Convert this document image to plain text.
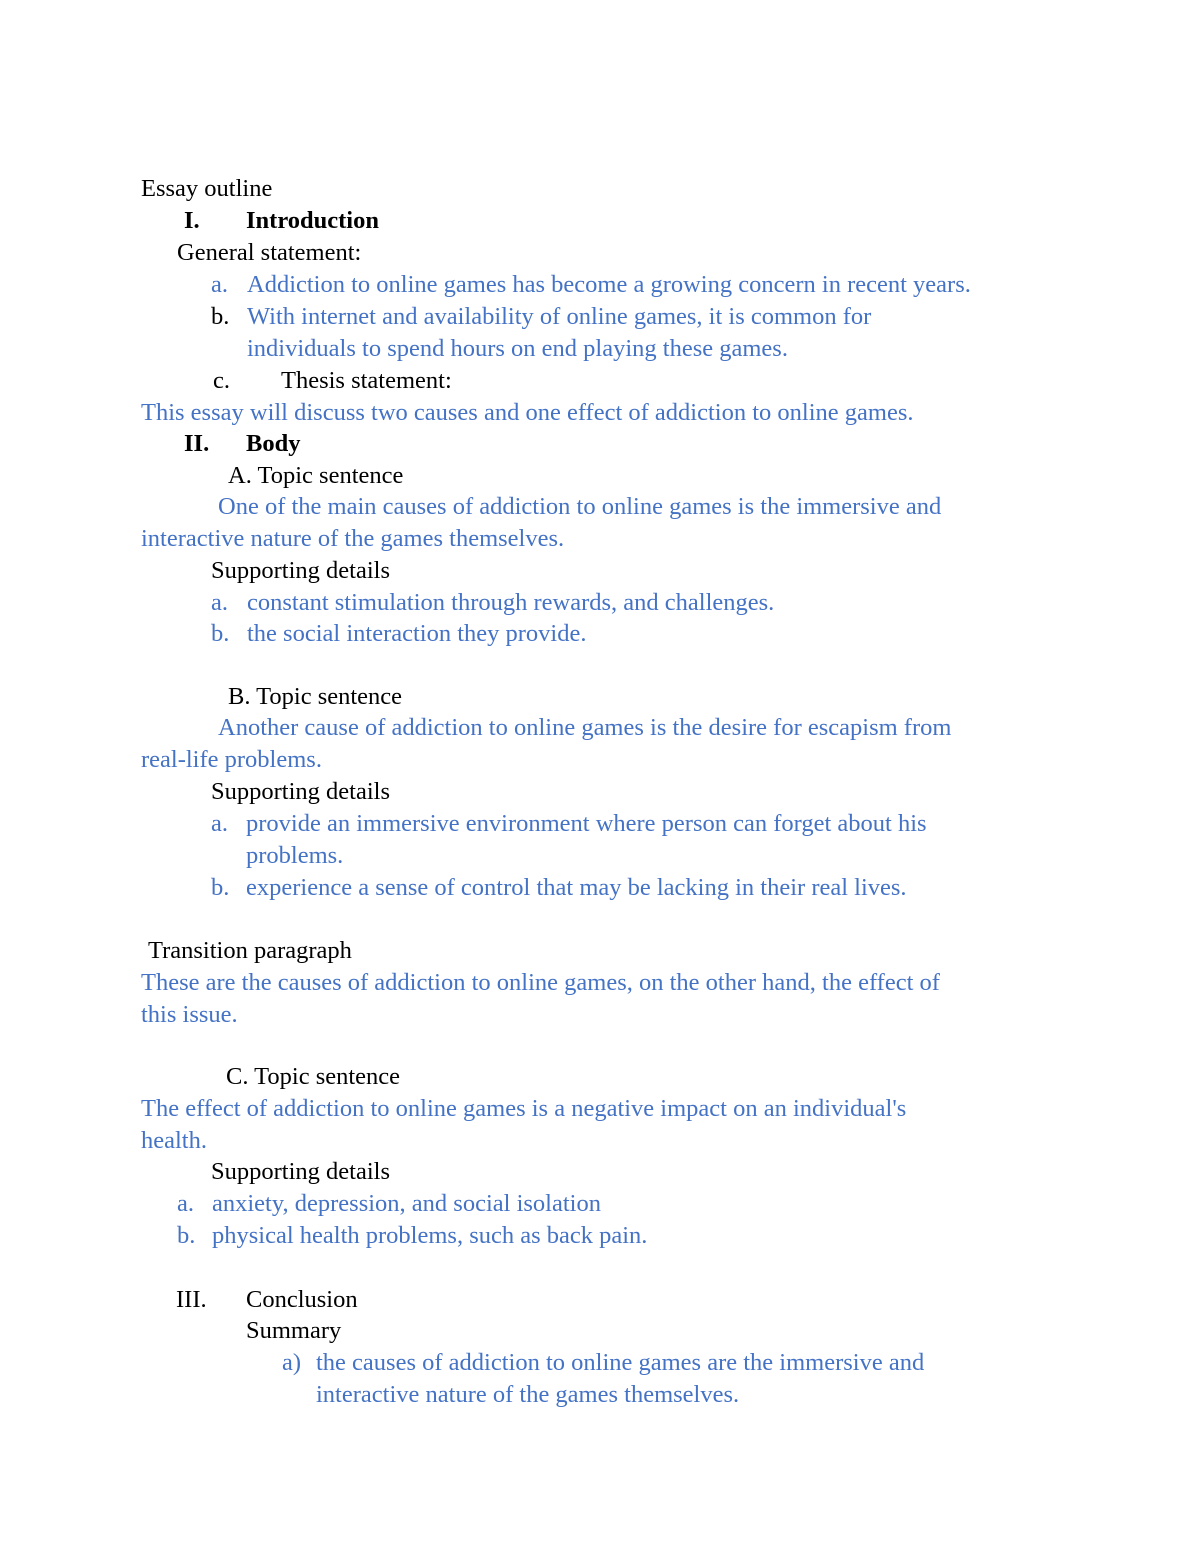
Essay outline
I. Introduction
General statement:
a. Addiction to online games has become a growing concern in recent years.
b. With internet and availability of online games, it is common for
individuals to spend hours on end playing these games.
c. Thesis statement:
This essay will discuss two causes and one effect of addiction to online games.
II. Body
A. Topic sentence
One of the main causes of addiction to online games is the immersive and
interactive nature of the games themselves.
Supporting details
a. constant stimulation through rewards, and challenges.
b. the social interaction they provide.
B. Topic sentence
Another cause of addiction to online games is the desire for escapism from
real-life problems.
Supporting details
a. provide an immersive environment where person can forget about his
problems.
b. experience a sense of control that may be lacking in their real lives.
Transition paragraph
These are the causes of addiction to online games, on the other hand, the effect of
this issue.
C. Topic sentence
The effect of addiction to online games is a negative impact on an individual's
health.
Supporting details
a. anxiety, depression, and social isolation
b. physical health problems, such as back pain.
III. Conclusion
Summary
a) the causes of addiction to online games are the immersive and
interactive nature of the games themselves.
